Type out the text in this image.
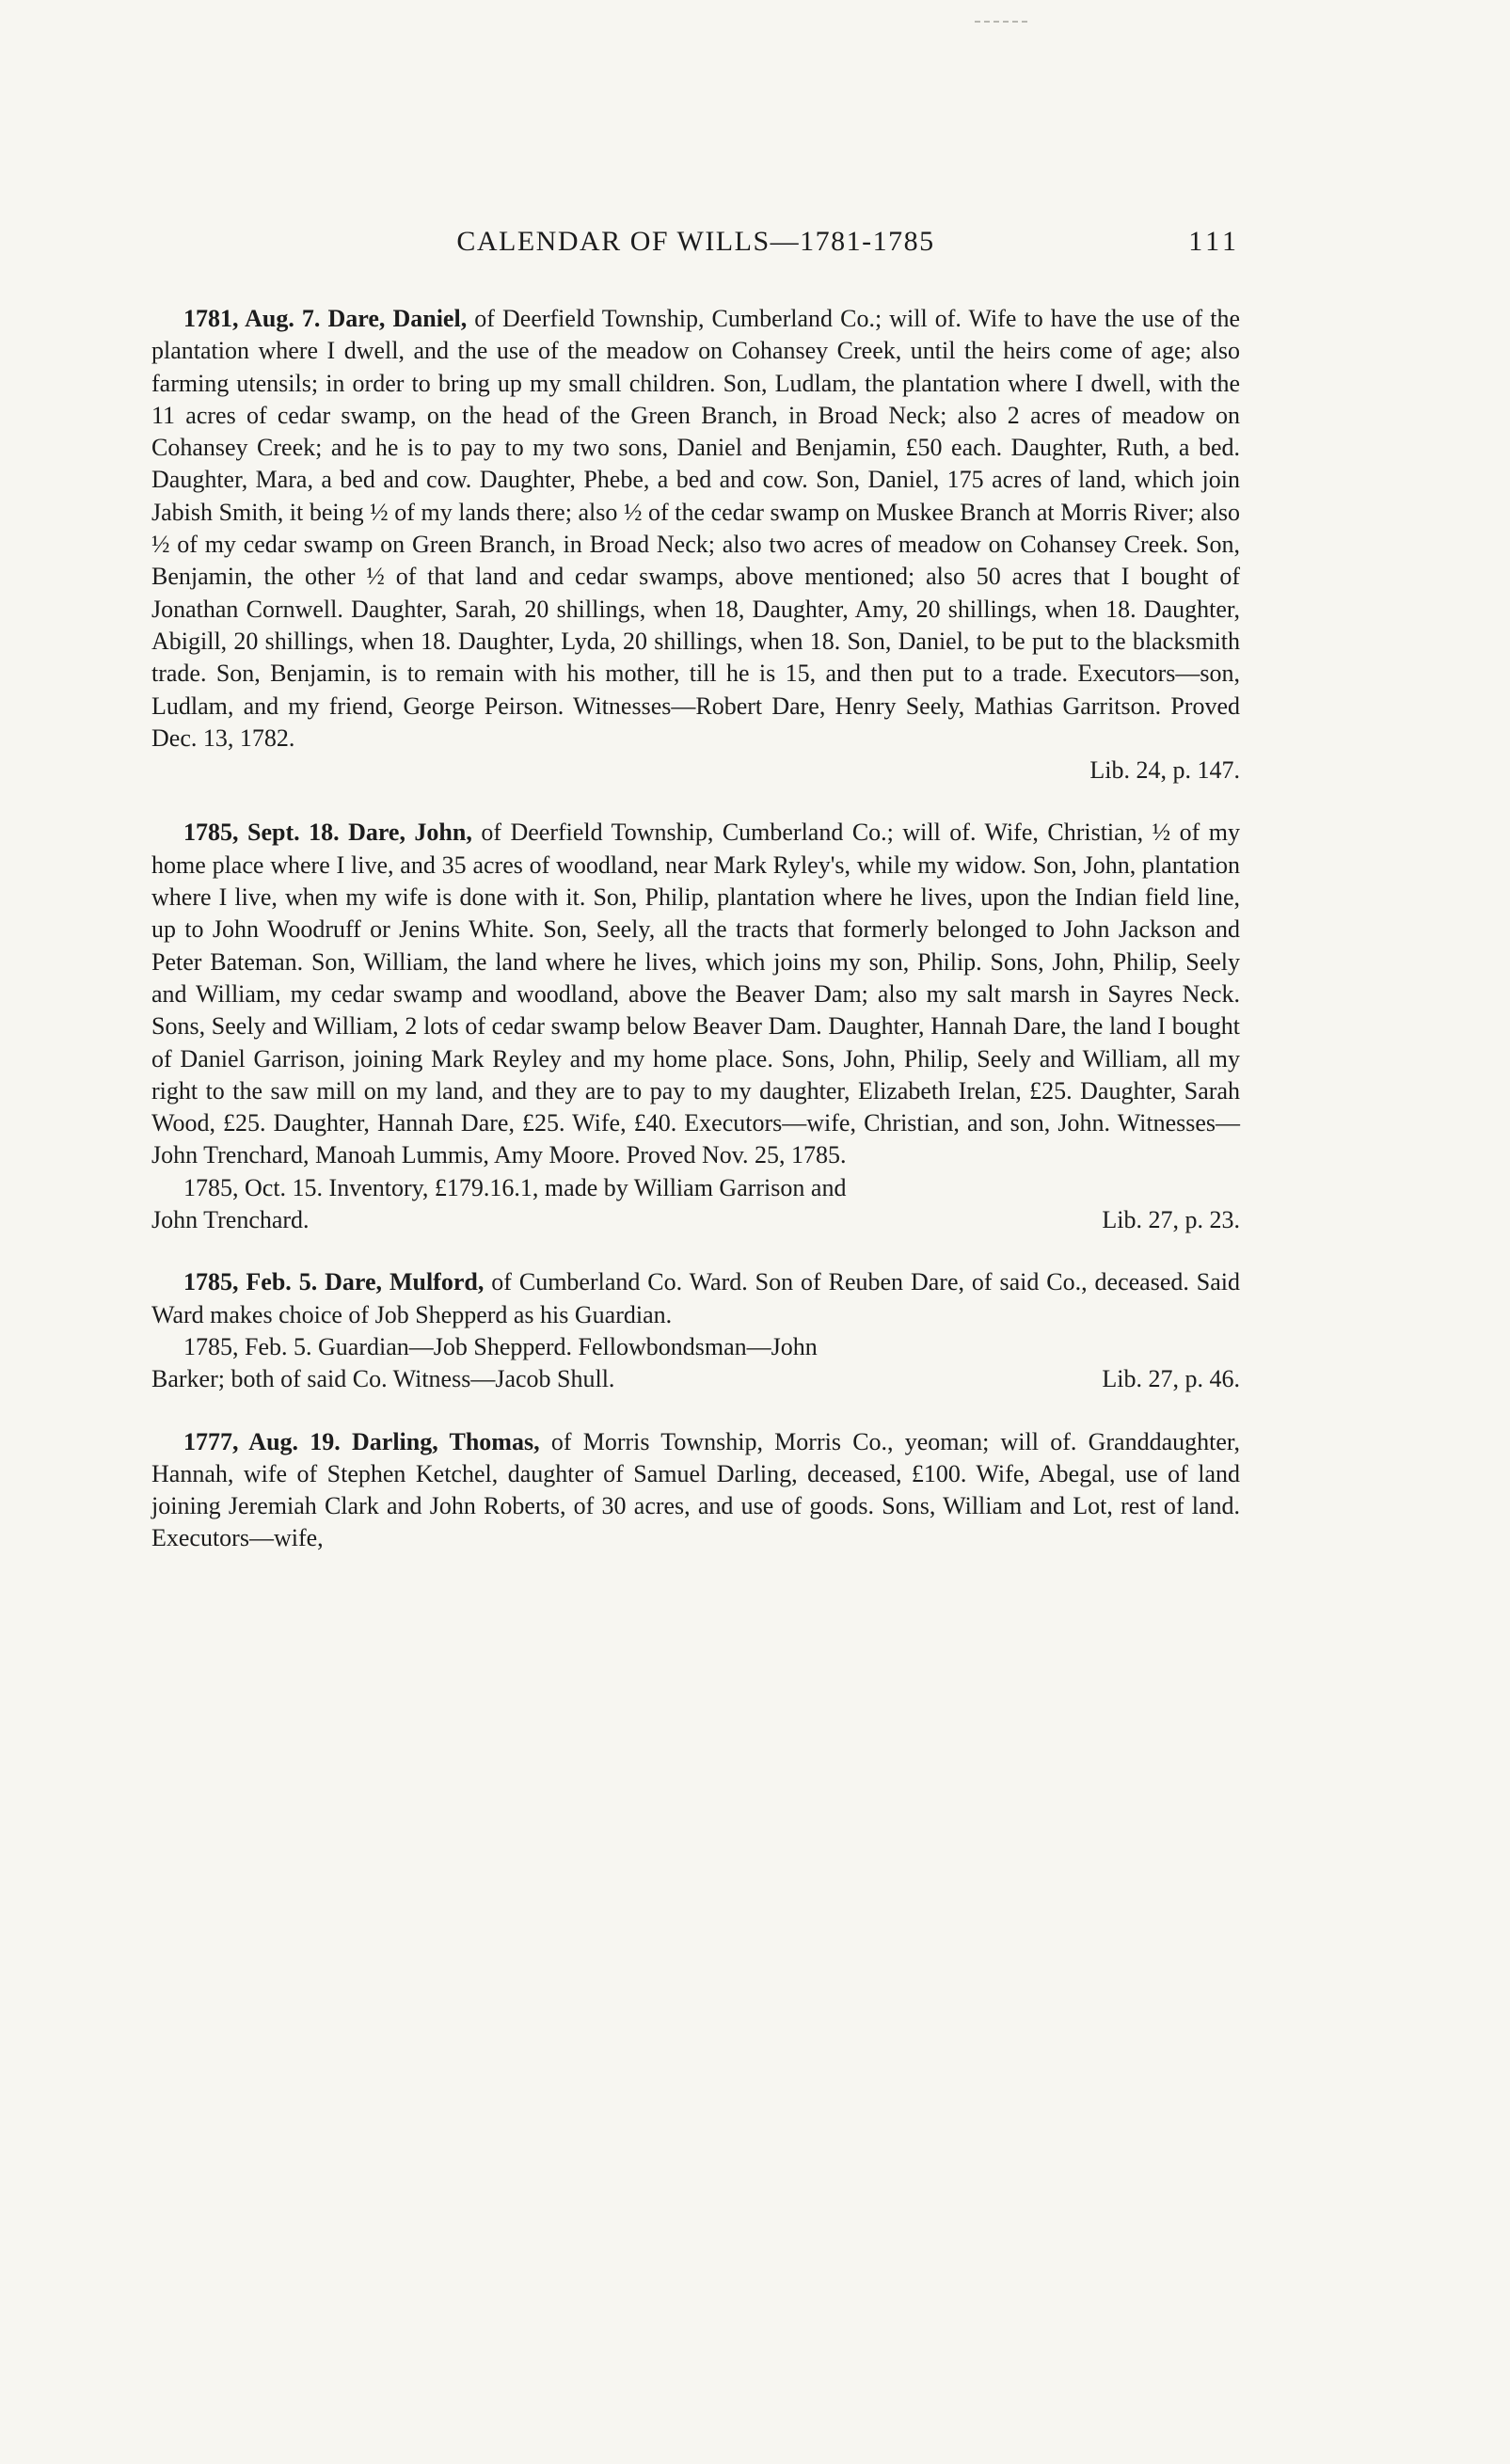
CALENDAR OF WILLS—1781-1785	111

1781, Aug. 7. Dare, Daniel, of Deerfield Township, Cumberland Co.; will of. Wife to have the use of the plantation where I dwell, and the use of the meadow on Cohansey Creek, until the heirs come of age; also farming utensils; in order to bring up my small children. Son, Ludlam, the plantation where I dwell, with the 11 acres of cedar swamp, on the head of the Green Branch, in Broad Neck; also 2 acres of meadow on Cohansey Creek; and he is to pay to my two sons, Daniel and Benjamin, £50 each. Daughter, Ruth, a bed. Daughter, Mara, a bed and cow. Daughter, Phebe, a bed and cow. Son, Daniel, 175 acres of land, which join Jabish Smith, it being ½ of my lands there; also ½ of the cedar swamp on Muskee Branch at Morris River; also ½ of my cedar swamp on Green Branch, in Broad Neck; also two acres of meadow on Cohansey Creek. Son, Benjamin, the other ½ of that land and cedar swamps, above mentioned; also 50 acres that I bought of Jonathan Cornwell. Daughter, Sarah, 20 shillings, when 18, Daughter, Amy, 20 shillings, when 18. Daughter, Abigill, 20 shillings, when 18. Daughter, Lyda, 20 shillings, when 18. Son, Daniel, to be put to the blacksmith trade. Son, Benjamin, is to remain with his mother, till he is 15, and then put to a trade. Executors—son, Ludlam, and my friend, George Peirson. Witnesses—Robert Dare, Henry Seely, Mathias Garritson. Proved Dec. 13, 1782.

Lib. 24, p. 147.

1785, Sept. 18. Dare, John, of Deerfield Township, Cumberland Co.; will of. Wife, Christian, ½ of my home place where I live, and 35 acres of woodland, near Mark Ryley's, while my widow. Son, John, plantation where I live, when my wife is done with it. Son, Philip, plantation where he lives, upon the Indian field line, up to John Woodruff or Jenins White. Son, Seely, all the tracts that formerly belonged to John Jackson and Peter Bateman. Son, William, the land where he lives, which joins my son, Philip. Sons, John, Philip, Seely and William, my cedar swamp and woodland, above the Beaver Dam; also my salt marsh in Sayres Neck. Sons, Seely and William, 2 lots of cedar swamp below Beaver Dam. Daughter, Hannah Dare, the land I bought of Daniel Garrison, joining Mark Reyley and my home place. Sons, John, Philip, Seely and William, all my right to the saw mill on my land, and they are to pay to my daughter, Elizabeth Irelan, £25. Daughter, Sarah Wood, £25. Daughter, Hannah Dare, £25. Wife, £40. Executors—wife, Christian, and son, John. Witnesses—John Trenchard, Manoah Lummis, Amy Moore. Proved Nov. 25, 1785.

1785, Oct. 15. Inventory, £179.16.1, made by William Garrison and

John Trenchard.	Lib. 27, p. 23.

1785, Feb. 5. Dare, Mulford, of Cumberland Co. Ward. Son of Reuben Dare, of said Co., deceased. Said Ward makes choice of Job Shepperd as his Guardian.

1785, Feb. 5. Guardian—Job Shepperd. Fellowbondsman—John

Barker; both of said Co. Witness—Jacob Shull.	Lib. 27, p. 46.

1777, Aug. 19. Darling, Thomas, of Morris Township, Morris Co., yeoman; will of. Granddaughter, Hannah, wife of Stephen Ketchel, daughter of Samuel Darling, deceased, £100. Wife, Abegal, use of land joining Jeremiah Clark and John Roberts, of 30 acres, and use of goods. Sons, William and Lot, rest of land. Executors—wife,
